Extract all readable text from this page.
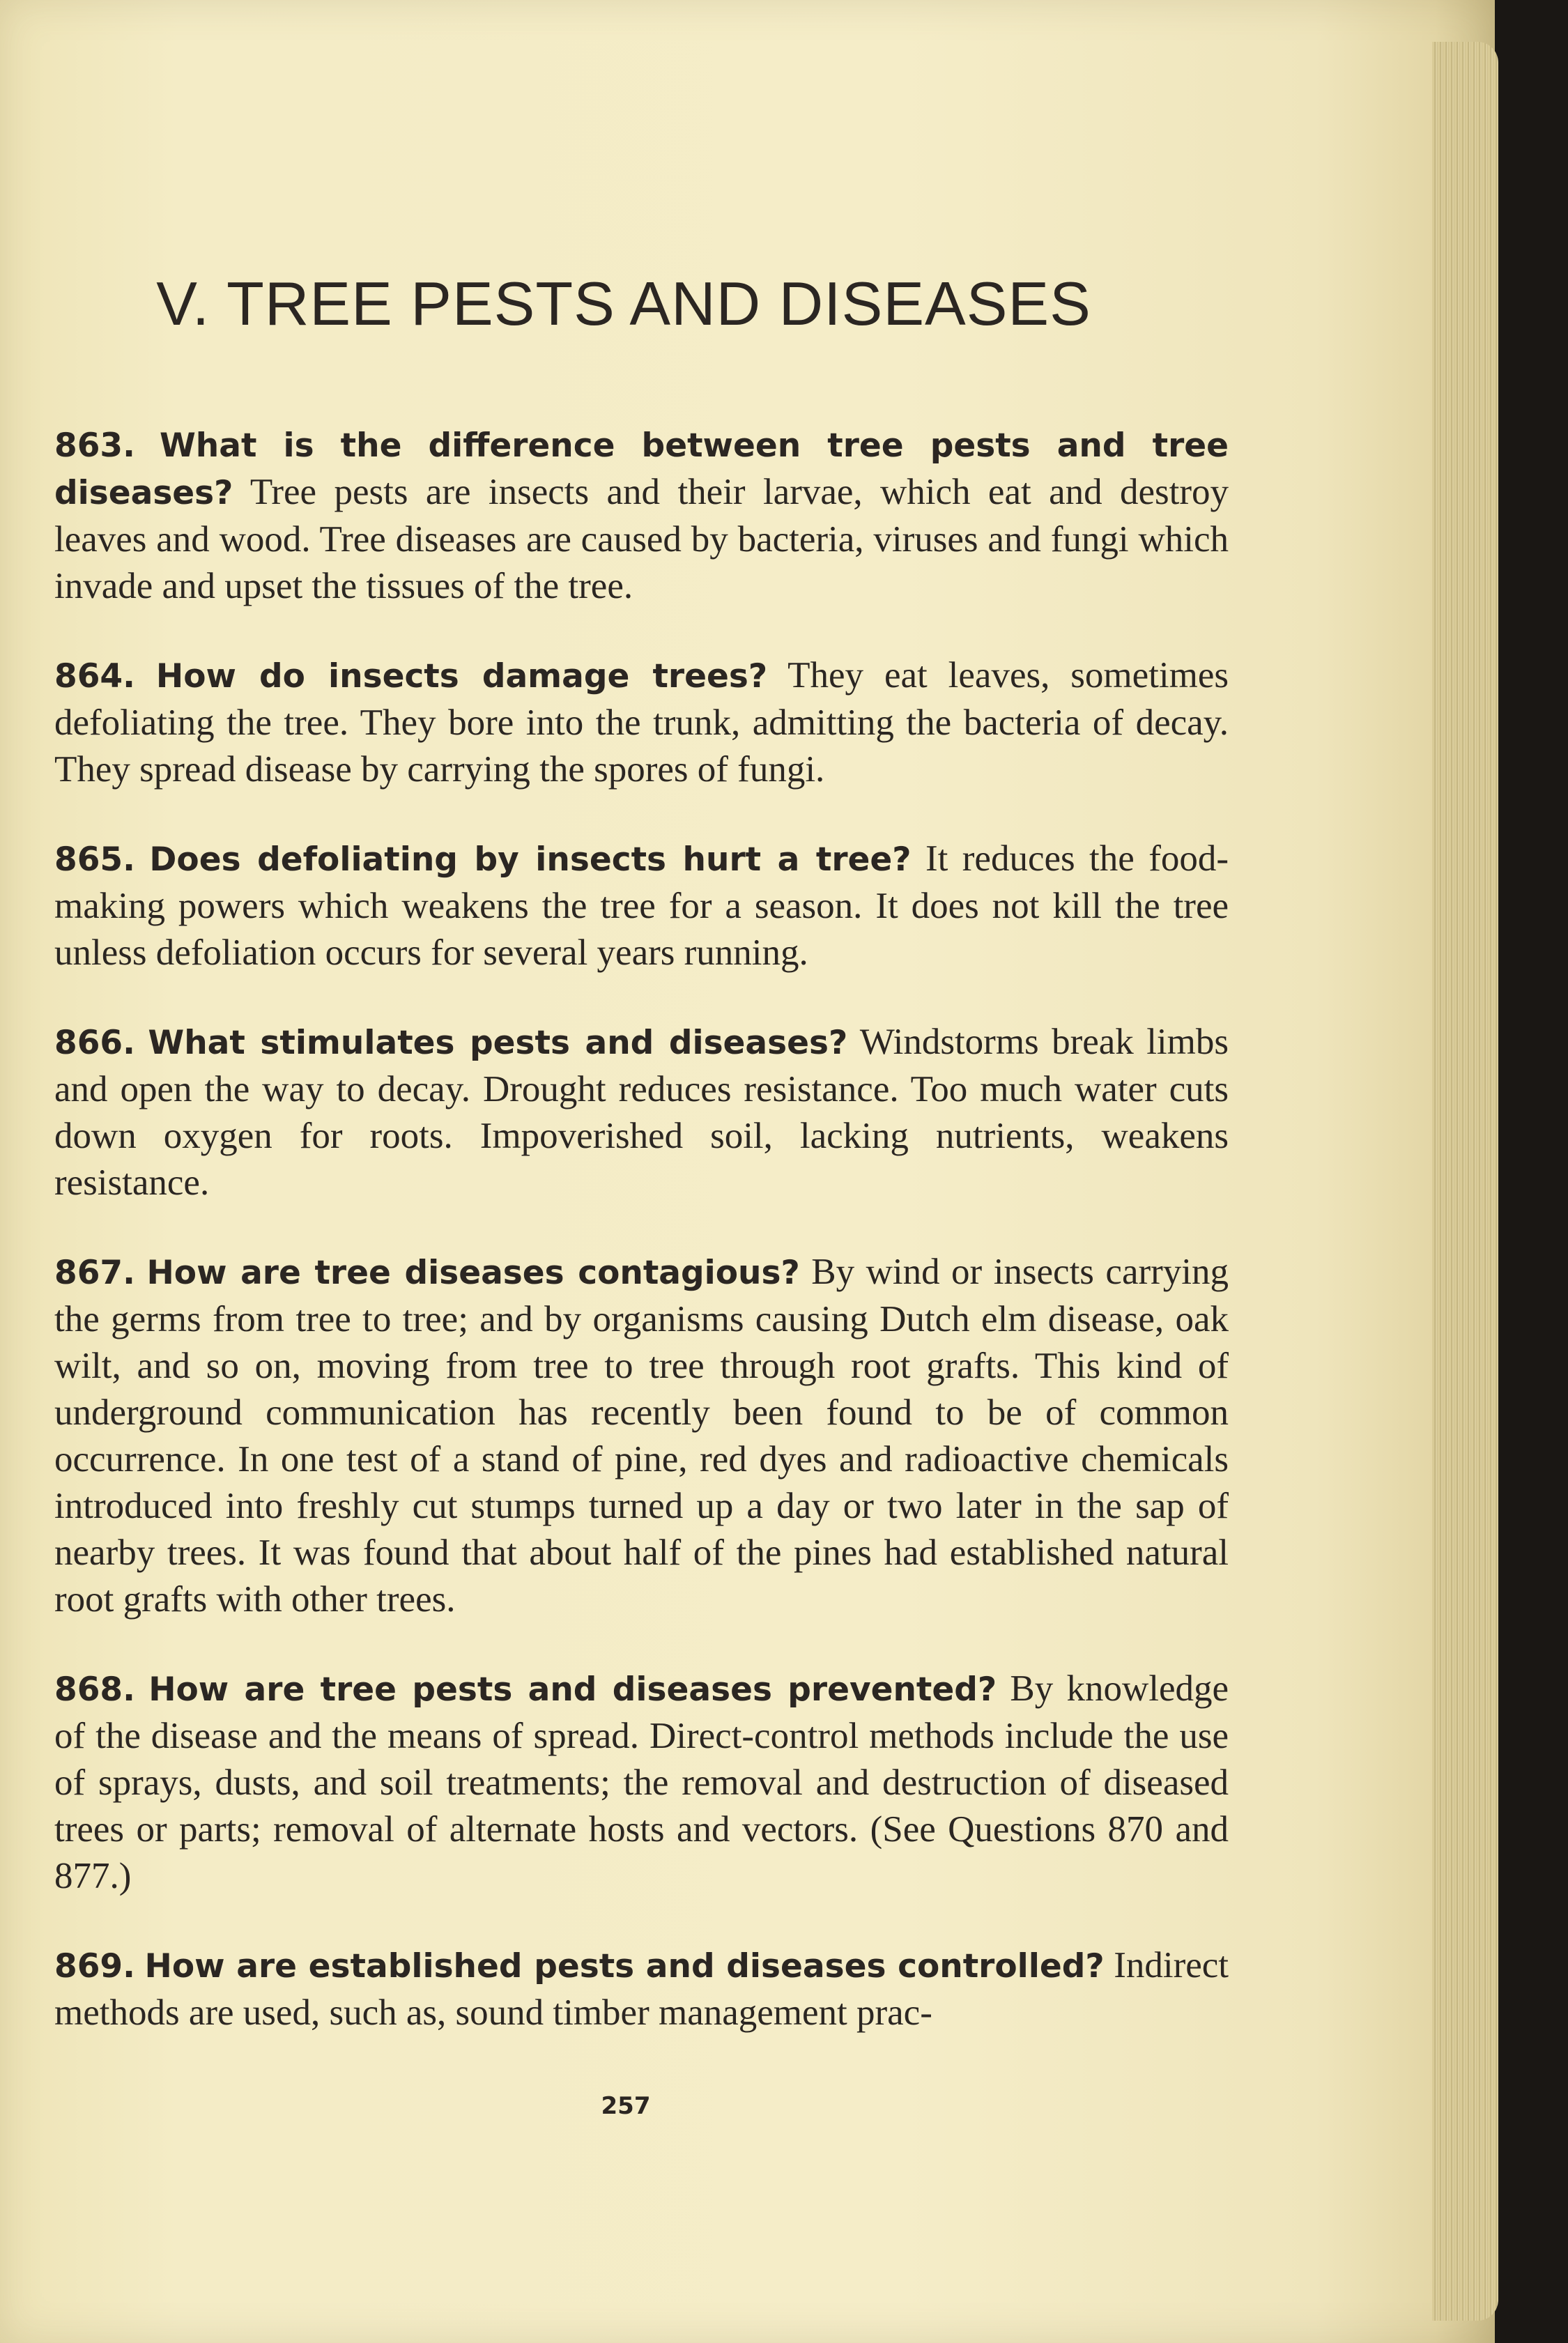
V. TREE PESTS AND DISEASES

863. What is the difference between tree pests and tree diseases? Tree pests are insects and their larvae, which eat and destroy leaves and wood. Tree diseases are caused by bacteria, viruses and fungi which invade and upset the tissues of the tree.

864. How do insects damage trees? They eat leaves, sometimes defoliating the tree. They bore into the trunk, admitting the bacteria of decay. They spread disease by carrying the spores of fungi.

865. Does defoliating by insects hurt a tree? It reduces the food-making powers which weakens the tree for a season. It does not kill the tree unless defoliation occurs for several years running.

866. What stimulates pests and diseases? Windstorms break limbs and open the way to decay. Drought reduces resistance. Too much water cuts down oxygen for roots. Impoverished soil, lacking nutrients, weakens resistance.

867. How are tree diseases contagious? By wind or insects carrying the germs from tree to tree; and by organisms causing Dutch elm disease, oak wilt, and so on, moving from tree to tree through root grafts. This kind of underground communication has recently been found to be of common occurrence. In one test of a stand of pine, red dyes and radioactive chemicals introduced into freshly cut stumps turned up a day or two later in the sap of nearby trees. It was found that about half of the pines had established natural root grafts with other trees.

868. How are tree pests and diseases prevented? By knowledge of the disease and the means of spread. Direct-control methods include the use of sprays, dusts, and soil treatments; the removal and destruction of diseased trees or parts; removal of alternate hosts and vectors. (See Questions 870 and 877.)

869. How are established pests and diseases controlled? Indirect methods are used, such as, sound timber management prac-

257
